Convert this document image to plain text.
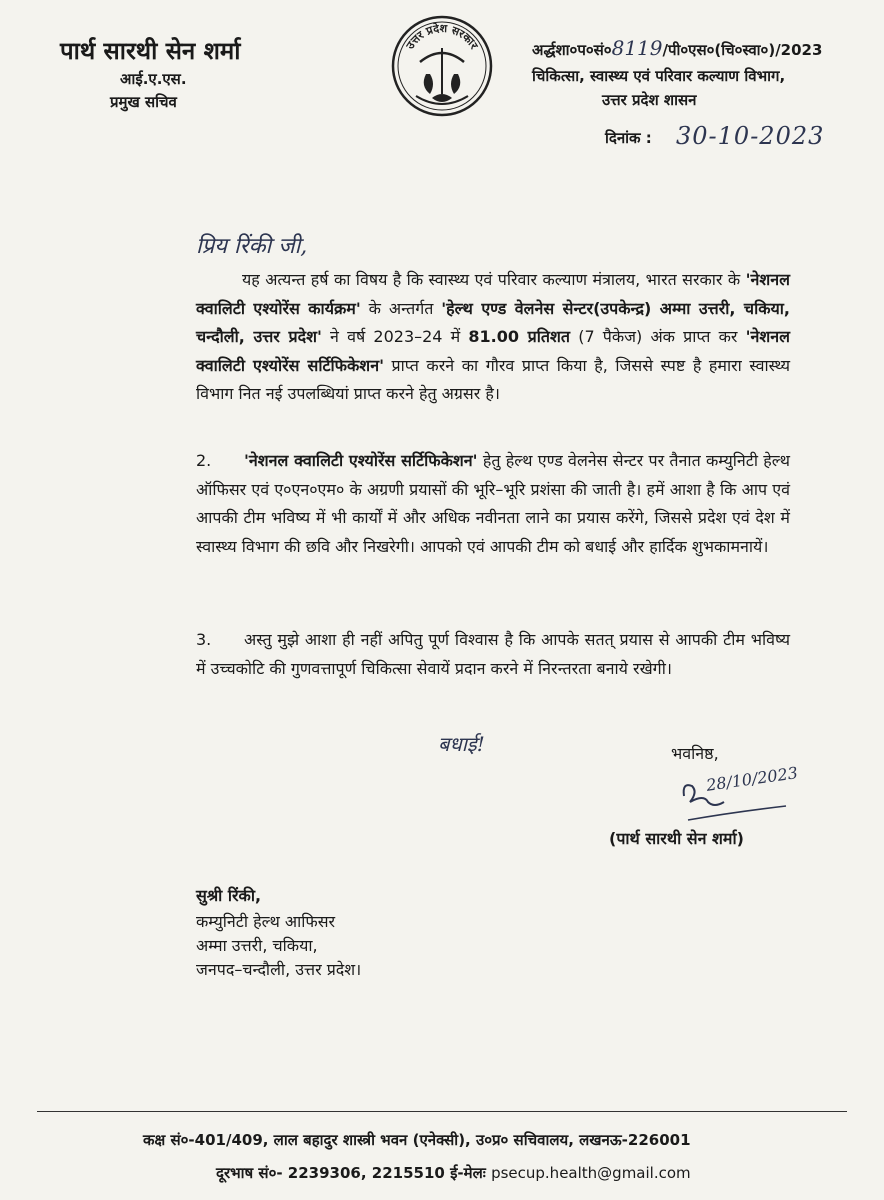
पार्थ सारथी सेन शर्मा
आई.ए.एस.
प्रमुख सचिव
उत्तर प्रदेश सरकार	अर्द्धशा०प०सं०8119/पी०एस०(चि०स्वा०)/2023
चिकित्सा, स्वास्थ्य एवं परिवार कल्याण विभाग,
उत्तर प्रदेश शासन
दिनांक : 30-10-2023
प्रिय रिंकी जी,
यह अत्यन्त हर्ष का विषय है कि स्वास्थ्य एवं परिवार कल्याण मंत्रालय, भारत सरकार के 'नेशनल क्वालिटी एश्योरेंस कार्यक्रम' के अन्तर्गत 'हेल्थ एण्ड वेलनेस सेन्टर(उपकेन्द्र) अम्मा उत्तरी, चकिया, चन्दौली, उत्तर प्रदेश' ने वर्ष 2023–24 में 81.00 प्रतिशत (7 पैकेज) अंक प्राप्त कर 'नेशनल क्वालिटी एश्योरेंस सर्टिफिकेशन' प्राप्त करने का गौरव प्राप्त किया है, जिससे स्पष्ट है हमारा स्वास्थ्य विभाग नित नई उपलब्धियां प्राप्त करने हेतु अग्रसर है।
2. 'नेशनल क्वालिटी एश्योरेंस सर्टिफिकेशन' हेतु हेल्थ एण्ड वेलनेस सेन्टर पर तैनात कम्युनिटी हेल्थ ऑफिसर एवं ए०एन०एम० के अग्रणी प्रयासों की भूरि–भूरि प्रशंसा की जाती है। हमें आशा है कि आप एवं आपकी टीम भविष्य में भी कार्यों में और अधिक नवीनता लाने का प्रयास करेंगे, जिससे प्रदेश एवं देश में स्वास्थ्य विभाग की छवि और निखरेगी। आपको एवं आपकी टीम को बधाई और हार्दिक शुभकामनायें।
3. अस्तु मुझे आशा ही नहीं अपितु पूर्ण विश्वास है कि आपके सतत् प्रयास से आपकी टीम भविष्य में उच्चकोटि की गुणवत्तापूर्ण चिकित्सा सेवायें प्रदान करने में निरन्तरता बनाये रखेगी।
बधाई!	भवनिष्ठ,
28/10/2023
(पार्थ सारथी सेन शर्मा)
सुश्री रिंकी,
कम्युनिटी हेल्थ आफिसर
अम्मा उत्तरी, चकिया,
जनपद–चन्दौली, उत्तर प्रदेश।
कक्ष सं०-401/409, लाल बहादुर शास्त्री भवन (एनेक्सी), उ०प्र० सचिवालय, लखनऊ-226001
दूरभाष सं०- 2239306, 2215510 ई-मेलः psecup.health@gmail.com
